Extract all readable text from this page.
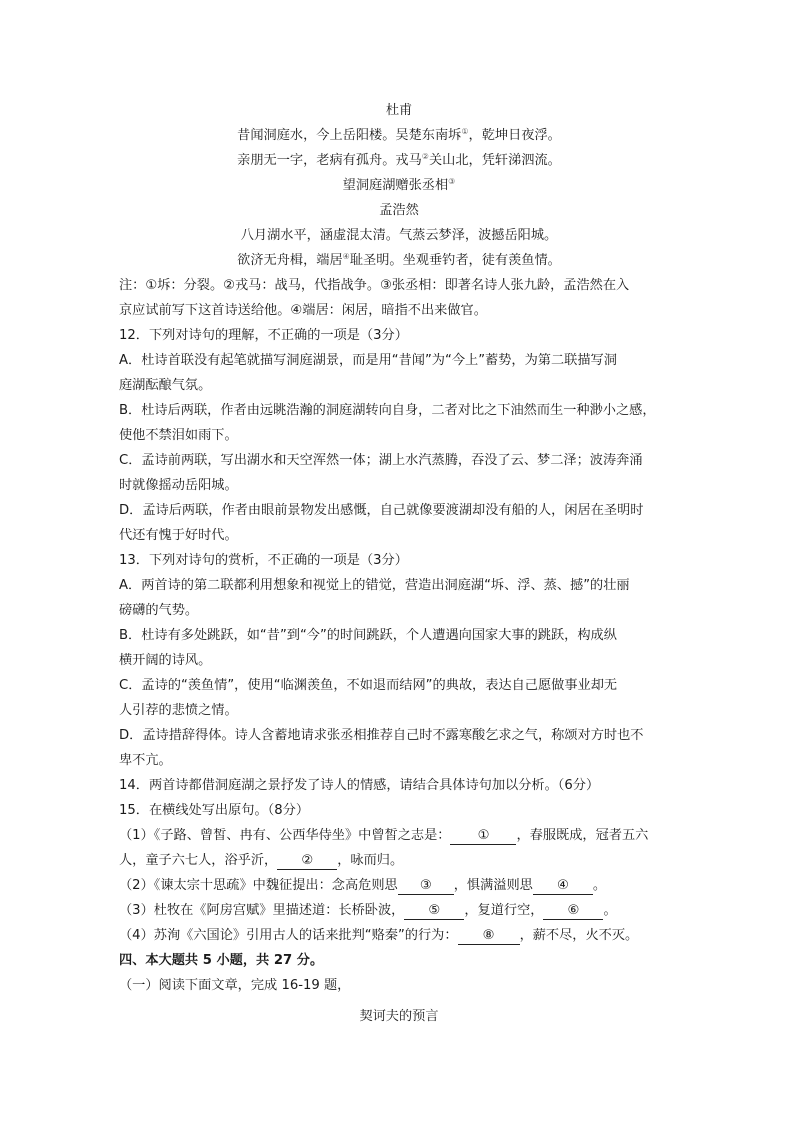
杜甫
昔闻洞庭水，今上岳阳楼。吴楚东南坼①，乾坤日夜浮。
亲朋无一字，老病有孤舟。戎马②关山北，凭轩涕泗流。
望洞庭湖赠张丞相③
孟浩然
八月湖水平，涵虚混太清。气蒸云梦泽，波撼岳阳城。
欲济无舟楫，端居④耻圣明。坐观垂钓者，徒有羡鱼情。
注：①坼：分裂。②戎马：战马，代指战争。③张丞相：即著名诗人张九龄，孟浩然在入
京应试前写下这首诗送给他。④端居：闲居，暗指不出来做官。
12．下列对诗句的理解，不正确的一项是（3分）
A．杜诗首联没有起笔就描写洞庭湖景，而是用“昔闻”为“今上”蓄势，为第二联描写洞
庭湖酝酿气氛。
B．杜诗后两联，作者由远眺浩瀚的洞庭湖转向自身，二者对比之下油然而生一种渺小之感，
使他不禁泪如雨下。
C．孟诗前两联，写出湖水和天空浑然一体；湖上水汽蒸腾，吞没了云、梦二泽；波涛奔涌
时就像摇动岳阳城。
D．孟诗后两联，作者由眼前景物发出感慨，自己就像要渡湖却没有船的人，闲居在圣明时
代还有愧于好时代。
13．下列对诗句的赏析，不正确的一项是（3分）
A．两首诗的第二联都利用想象和视觉上的错觉，营造出洞庭湖“坼、浮、蒸、撼”的壮丽
磅礴的气势。
B．杜诗有多处跳跃，如“昔”到“今”的时间跳跃，个人遭遇向国家大事的跳跃，构成纵
横开阔的诗风。
C．孟诗的“羡鱼情”，使用“临渊羡鱼，不如退而结网”的典故，表达自己愿做事业却无
人引荐的悲愤之情。
D．孟诗措辞得体。诗人含蓄地请求张丞相推荐自己时不露寒酸乞求之气，称颂对方时也不
卑不亢。
14．两首诗都借洞庭湖之景抒发了诗人的情感，请结合具体诗句加以分析。（6分）
15．在横线处写出原句。（8分）
（1）《子路、曾皙、冉有、公西华侍坐》中曾皙之志是： ① ，春服既成，冠者五六
人，童子六七人，浴乎沂， ② ，咏而归。
（2）《谏太宗十思疏》中魏征提出：念高危则思 ③ ，惧满溢则思 ④ 。
（3）杜牧在《阿房宫赋》里描述道：长桥卧波， ⑤ ，复道行空， ⑥ 。
（4）苏洵《六国论》引用古人的话来批判“赂秦”的行为： ⑧ ，薪不尽，火不灭。
四、本大题共 5 小题，共 27 分。
（一）阅读下面文章，完成 16-19 题，
契诃夫的预言
